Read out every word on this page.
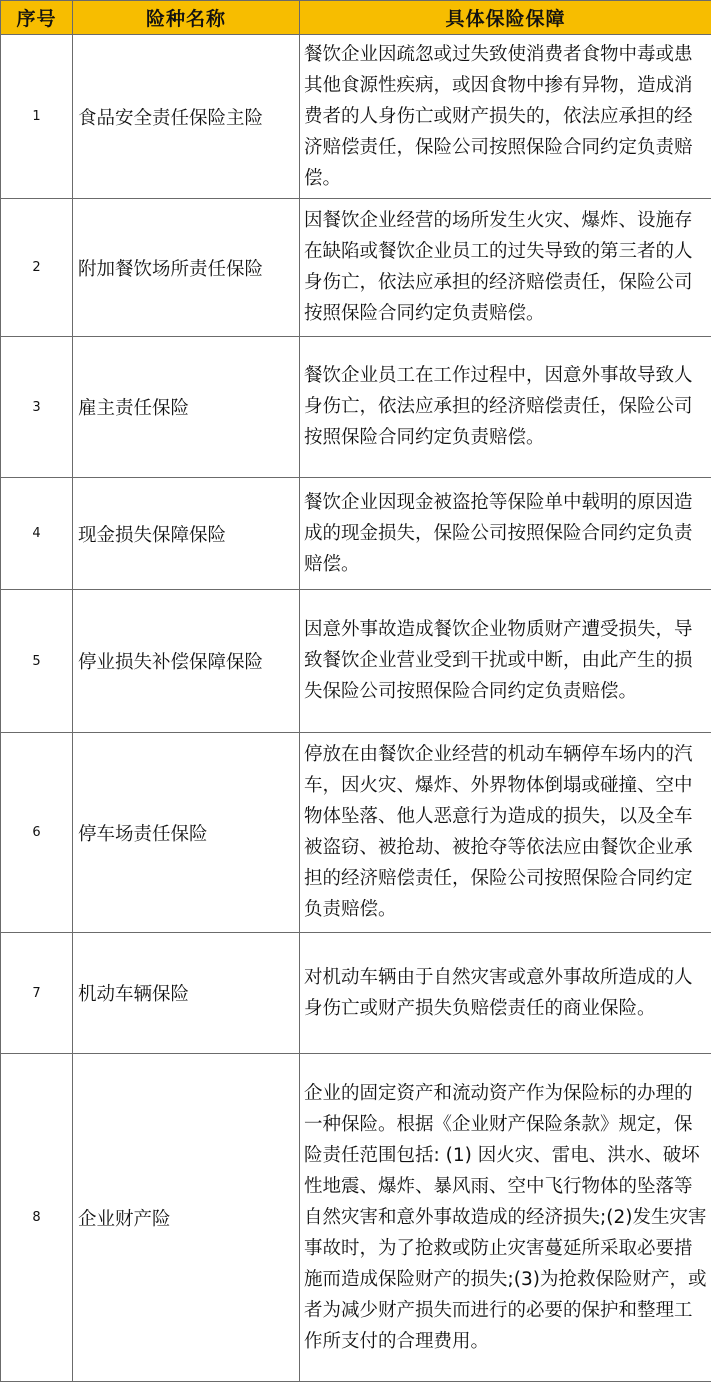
序号	险种名称	具体保险保障
1	食品安全责任保险主险	餐饮企业因疏忽或过失致使消费者食物中毒或患其他食源性疾病，或因食物中掺有异物，造成消费者的人身伤亡或财产损失的，依法应承担的经济赔偿责任，保险公司按照保险合同约定负责赔偿。
2	附加餐饮场所责任保险	因餐饮企业经营的场所发生火灾、爆炸、设施存在缺陷或餐饮企业员工的过失导致的第三者的人身伤亡，依法应承担的经济赔偿责任，保险公司按照保险合同约定负责赔偿。
3	雇主责任保险	餐饮企业员工在工作过程中，因意外事故导致人身伤亡，依法应承担的经济赔偿责任，保险公司按照保险合同约定负责赔偿。
4	现金损失保障保险	餐饮企业因现金被盗抢等保险单中载明的原因造成的现金损失，保险公司按照保险合同约定负责赔偿。
5	停业损失补偿保障保险	因意外事故造成餐饮企业物质财产遭受损失，导致餐饮企业营业受到干扰或中断，由此产生的损失保险公司按照保险合同约定负责赔偿。
6	停车场责任保险	停放在由餐饮企业经营的机动车辆停车场内的汽车，因火灾、爆炸、外界物体倒塌或碰撞、空中物体坠落、他人恶意行为造成的损失，以及全车被盗窃、被抢劫、被抢夺等依法应由餐饮企业承担的经济赔偿责任，保险公司按照保险合同约定负责赔偿。
7	机动车辆保险	对机动车辆由于自然灾害或意外事故所造成的人身伤亡或财产损失负赔偿责任的商业保险。
8	企业财产险	企业的固定资产和流动资产作为保险标的办理的一种保险。根据《企业财产保险条款》规定，保险责任范围包括: (1) 因火灾、雷电、洪水、破坏性地震、爆炸、暴风雨、空中飞行物体的坠落等自然灾害和意外事故造成的经济损失;(2)发生灾害事故时，为了抢救或防止灾害蔓延所采取必要措施而造成保险财产的损失;(3)为抢救保险财产，或者为减少财产损失而进行的必要的保护和整理工作所支付的合理费用。
